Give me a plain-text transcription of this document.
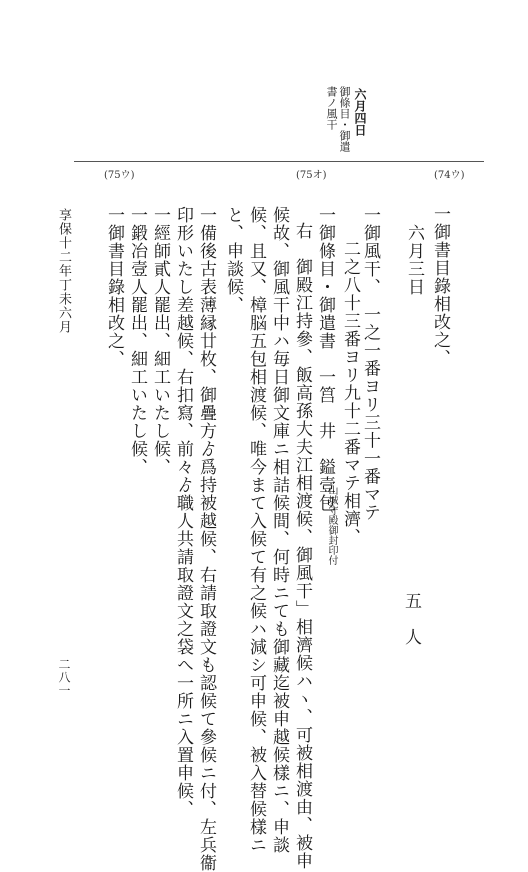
六月四日
御條目・御遣
書ノ風干
(75ウ)	(75オ)	(74ウ)
一御書目錄相改之、
六月三日
五　人
一御風干、　一之一番ヨリ三十一番マテ
二之八十三番ヨリ九十二番マテ相濟、
一御條目・御遣書　一筥　井　鎰壹包
山城守殿御封印付
右　御殿江持參、飯高孫大夫江相渡候、御風干」相濟候ハヽ、可被相渡由、被申
候故、御風干中ハ毎日御文庫ニ相詰候間、何時ニても御藏迄被申越候樣ニ、申談
候、且又、樟脳五包相渡候、唯今まて入候て有之候ハ減シ可申候、被入替候樣ニ
と、申談候、
一備後古表薄縁廿枚、御疊方ゟ爲持被越候、右請取證文も認候て參候ニ付、左兵衞
印形いたし差越候、右扣寫、前々ゟ職人共請取證文之袋へ一所ニ入置申候、
一經師貳人罷出、細工いたし候、
一鍛冶壹人罷出、細工いたし候、
一御書目錄相改之、
享保十二年丁未六月
二八一
